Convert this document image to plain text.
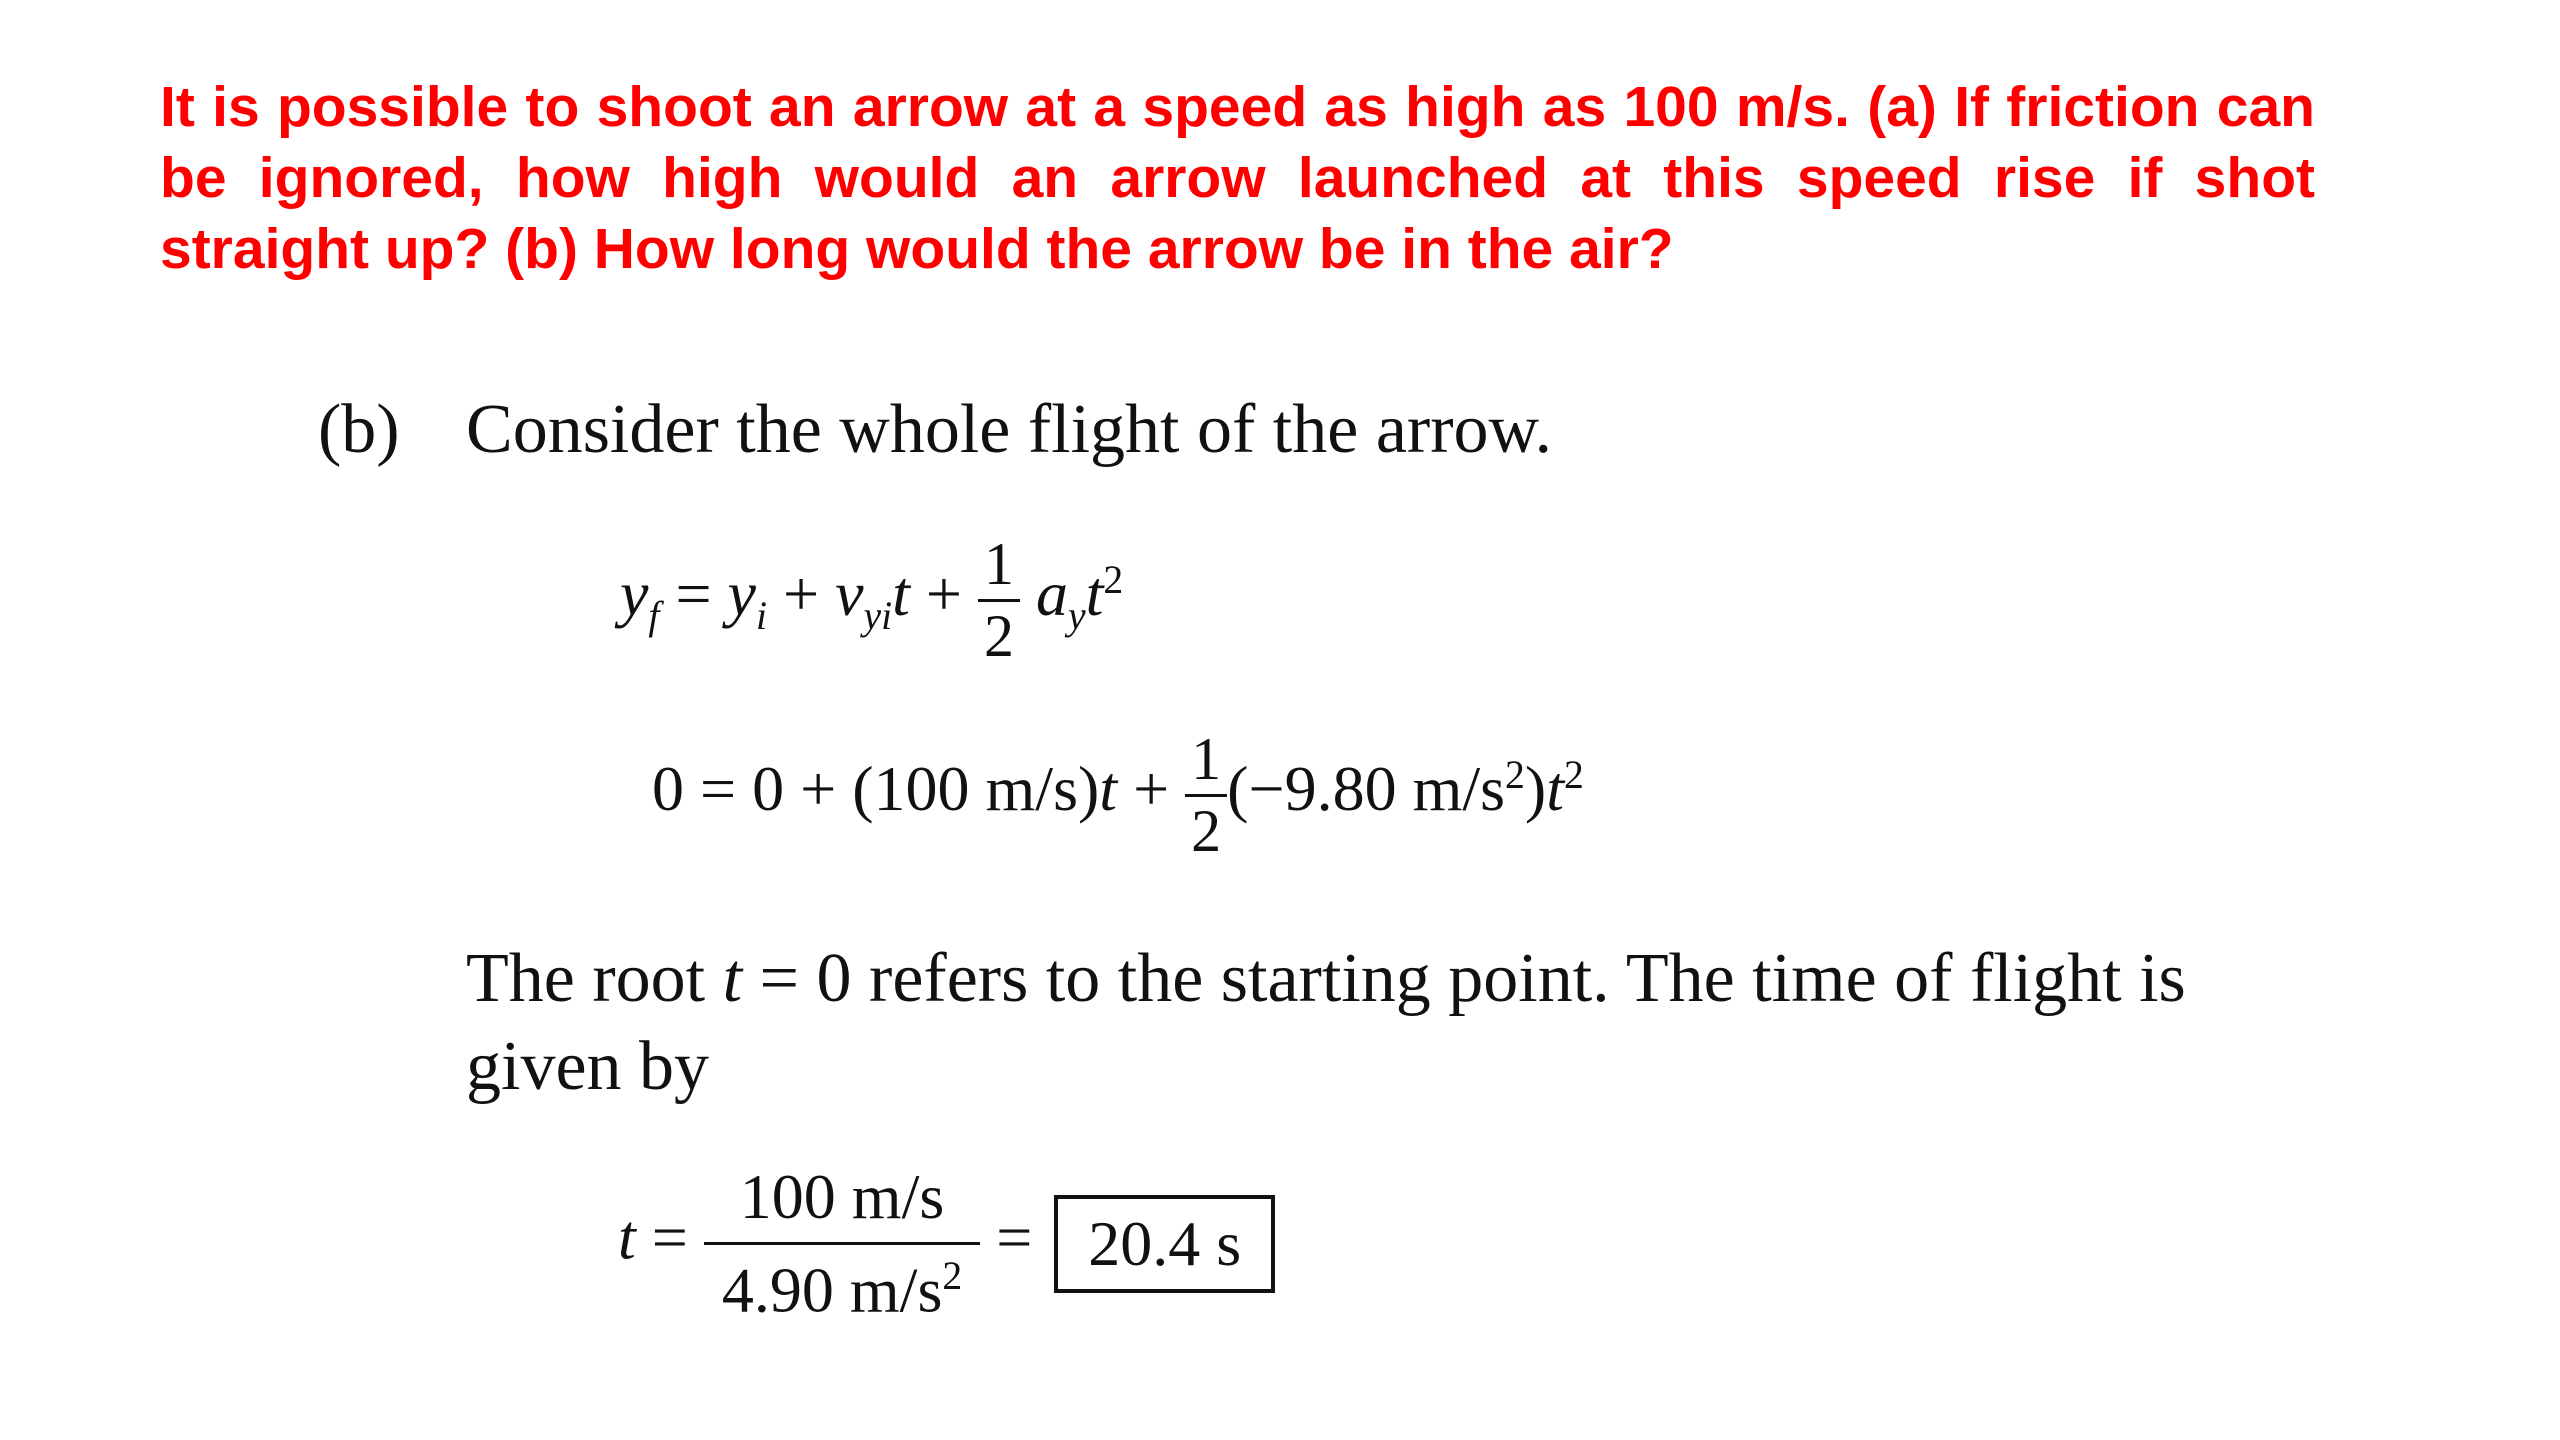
It is possible to shoot an arrow at a speed as high as 100 m/s. (a) If friction can be ignored, how high would an arrow launched at this speed rise if shot straight up? (b) How long would the arrow be in the air?

(b) Consider the whole flight of the arrow.
$y_f = y_i + v_{yi}t + \frac{1}{2} a_yt^2$
0 = 0 + (100 $m/s)t + \frac{1}{2} (-9.80$ $m/s^2)t^2$

The root t = 0 refers to the starting point. The time of flight is given by

$t = \frac{100 m/s}{4.90 m/s^2} = 20.4$ s
